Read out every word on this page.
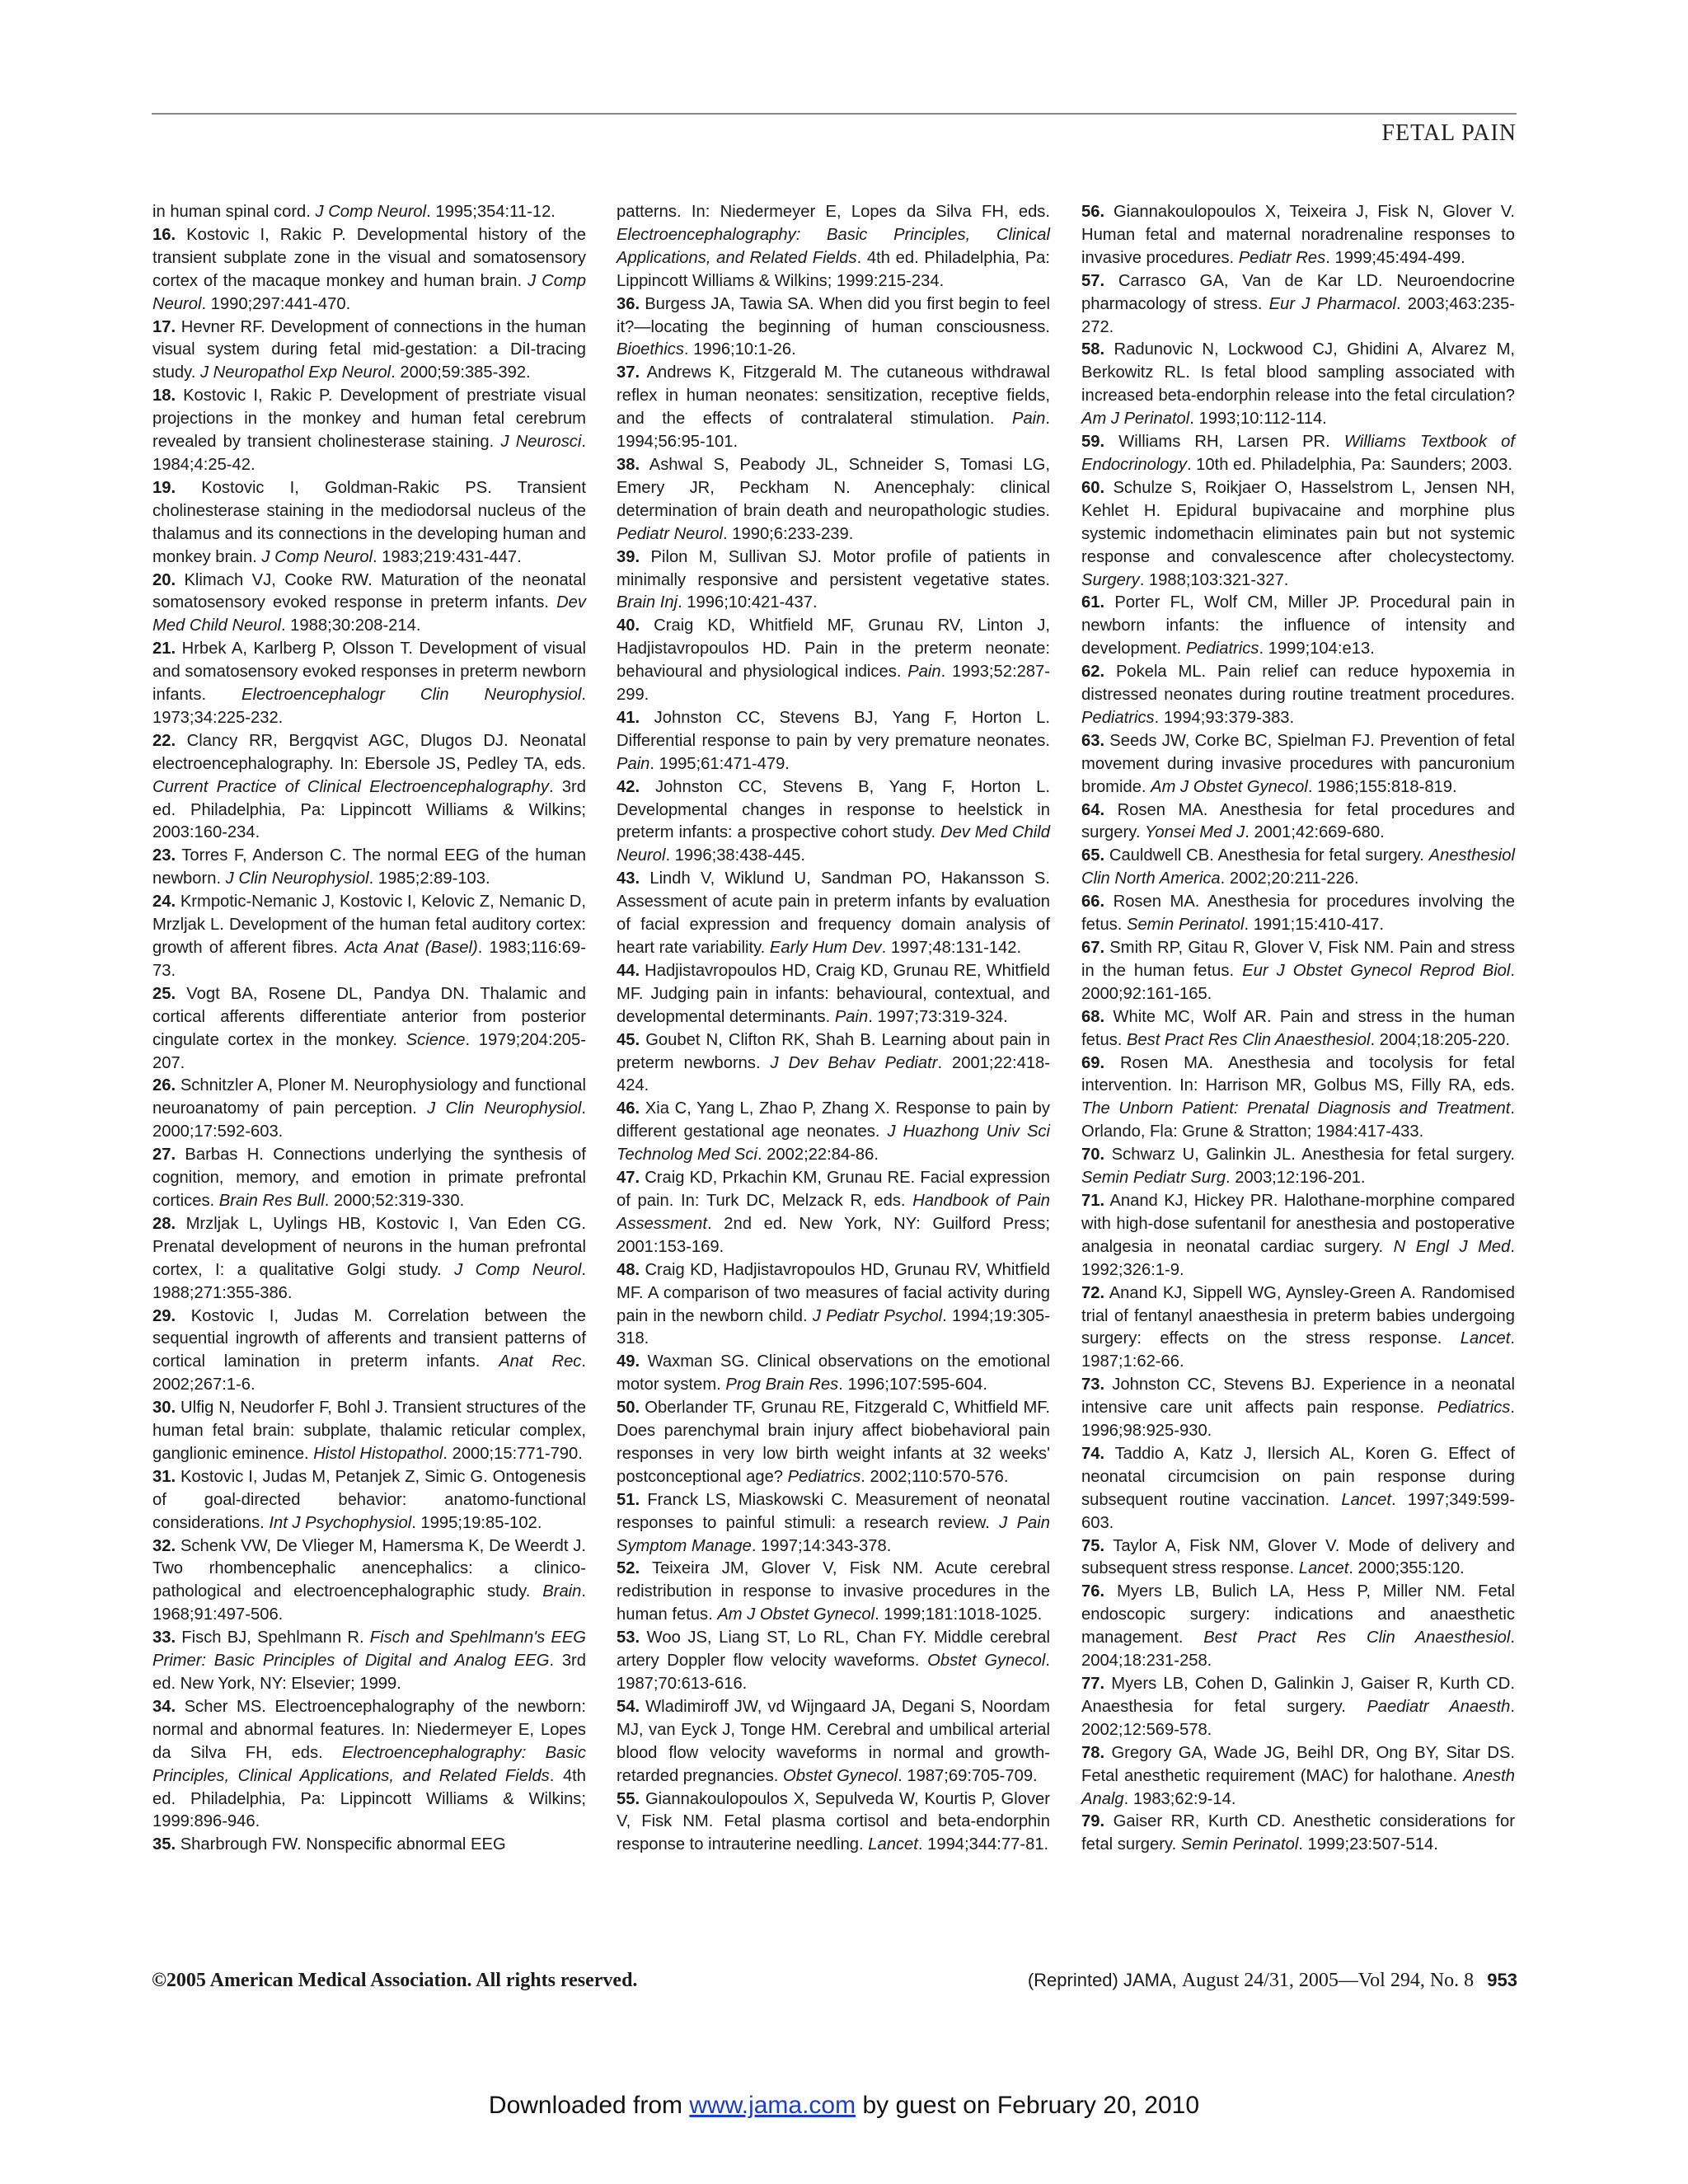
FETAL PAIN

in human spinal cord. J Comp Neurol. 1995;354:11-12.

16. Kostovic I, Rakic P. Developmental history of the transient subplate zone in the visual and somatosensory cortex of the macaque monkey and human brain. J Comp Neurol. 1990;297:441-470.

17. Hevner RF. Development of connections in the human visual system during fetal mid-gestation: a DiI-tracing study. J Neuropathol Exp Neurol. 2000;59:385-392.

18. Kostovic I, Rakic P. Development of prestriate visual projections in the monkey and human fetal cerebrum revealed by transient cholinesterase staining. J Neurosci. 1984;4:25-42.

19. Kostovic I, Goldman-Rakic PS. Transient cholinesterase staining in the mediodorsal nucleus of the thalamus and its connections in the developing human and monkey brain. J Comp Neurol. 1983;219:431-447.

20. Klimach VJ, Cooke RW. Maturation of the neonatal somatosensory evoked response in preterm infants. Dev Med Child Neurol. 1988;30:208-214.

21. Hrbek A, Karlberg P, Olsson T. Development of visual and somatosensory evoked responses in preterm newborn infants. Electroencephalogr Clin Neurophysiol. 1973;34:225-232.

22. Clancy RR, Bergqvist AGC, Dlugos DJ. Neonatal electroencephalography. In: Ebersole JS, Pedley TA, eds. Current Practice of Clinical Electroencephalography. 3rd ed. Philadelphia, Pa: Lippincott Williams & Wilkins; 2003:160-234.

23. Torres F, Anderson C. The normal EEG of the human newborn. J Clin Neurophysiol. 1985;2:89-103.

24. Krmpotic-Nemanic J, Kostovic I, Kelovic Z, Nemanic D, Mrzljak L. Development of the human fetal auditory cortex: growth of afferent fibres. Acta Anat (Basel). 1983;116:69-73.

25. Vogt BA, Rosene DL, Pandya DN. Thalamic and cortical afferents differentiate anterior from posterior cingulate cortex in the monkey. Science. 1979;204:205-207.

26. Schnitzler A, Ploner M. Neurophysiology and functional neuroanatomy of pain perception. J Clin Neurophysiol. 2000;17:592-603.

27. Barbas H. Connections underlying the synthesis of cognition, memory, and emotion in primate prefrontal cortices. Brain Res Bull. 2000;52:319-330.

28. Mrzljak L, Uylings HB, Kostovic I, Van Eden CG. Prenatal development of neurons in the human prefrontal cortex, I: a qualitative Golgi study. J Comp Neurol. 1988;271:355-386.

29. Kostovic I, Judas M. Correlation between the sequential ingrowth of afferents and transient patterns of cortical lamination in preterm infants. Anat Rec. 2002;267:1-6.

30. Ulfig N, Neudorfer F, Bohl J. Transient structures of the human fetal brain: subplate, thalamic reticular complex, ganglionic eminence. Histol Histopathol. 2000;15:771-790.

31. Kostovic I, Judas M, Petanjek Z, Simic G. Ontogenesis of goal-directed behavior: anatomo-functional considerations. Int J Psychophysiol. 1995;19:85-102.

32. Schenk VW, De Vlieger M, Hamersma K, De Weerdt J. Two rhombencephalic anencephalics: a clinico-pathological and electroencephalographic study. Brain. 1968;91:497-506.

33. Fisch BJ, Spehlmann R. Fisch and Spehlmann's EEG Primer: Basic Principles of Digital and Analog EEG. 3rd ed. New York, NY: Elsevier; 1999.

34. Scher MS. Electroencephalography of the newborn: normal and abnormal features. In: Niedermeyer E, Lopes da Silva FH, eds. Electroencephalography: Basic Principles, Clinical Applications, and Related Fields. 4th ed. Philadelphia, Pa: Lippincott Williams & Wilkins; 1999:896-946.

35. Sharbrough FW. Nonspecific abnormal EEG

patterns. In: Niedermeyer E, Lopes da Silva FH, eds. Electroencephalography: Basic Principles, Clinical Applications, and Related Fields. 4th ed. Philadelphia, Pa: Lippincott Williams & Wilkins; 1999:215-234.

36. Burgess JA, Tawia SA. When did you first begin to feel it?—locating the beginning of human consciousness. Bioethics. 1996;10:1-26.

37. Andrews K, Fitzgerald M. The cutaneous withdrawal reflex in human neonates: sensitization, receptive fields, and the effects of contralateral stimulation. Pain. 1994;56:95-101.

38. Ashwal S, Peabody JL, Schneider S, Tomasi LG, Emery JR, Peckham N. Anencephaly: clinical determination of brain death and neuropathologic studies. Pediatr Neurol. 1990;6:233-239.

39. Pilon M, Sullivan SJ. Motor profile of patients in minimally responsive and persistent vegetative states. Brain Inj. 1996;10:421-437.

40. Craig KD, Whitfield MF, Grunau RV, Linton J, Hadjistavropoulos HD. Pain in the preterm neonate: behavioural and physiological indices. Pain. 1993;52:287-299.

41. Johnston CC, Stevens BJ, Yang F, Horton L. Differential response to pain by very premature neonates. Pain. 1995;61:471-479.

42. Johnston CC, Stevens B, Yang F, Horton L. Developmental changes in response to heelstick in preterm infants: a prospective cohort study. Dev Med Child Neurol. 1996;38:438-445.

43. Lindh V, Wiklund U, Sandman PO, Hakansson S. Assessment of acute pain in preterm infants by evaluation of facial expression and frequency domain analysis of heart rate variability. Early Hum Dev. 1997;48:131-142.

44. Hadjistavropoulos HD, Craig KD, Grunau RE, Whitfield MF. Judging pain in infants: behavioural, contextual, and developmental determinants. Pain. 1997;73:319-324.

45. Goubet N, Clifton RK, Shah B. Learning about pain in preterm newborns. J Dev Behav Pediatr. 2001;22:418-424.

46. Xia C, Yang L, Zhao P, Zhang X. Response to pain by different gestational age neonates. J Huazhong Univ Sci Technolog Med Sci. 2002;22:84-86.

47. Craig KD, Prkachin KM, Grunau RE. Facial expression of pain. In: Turk DC, Melzack R, eds. Handbook of Pain Assessment. 2nd ed. New York, NY: Guilford Press; 2001:153-169.

48. Craig KD, Hadjistavropoulos HD, Grunau RV, Whitfield MF. A comparison of two measures of facial activity during pain in the newborn child. J Pediatr Psychol. 1994;19:305-318.

49. Waxman SG. Clinical observations on the emotional motor system. Prog Brain Res. 1996;107:595-604.

50. Oberlander TF, Grunau RE, Fitzgerald C, Whitfield MF. Does parenchymal brain injury affect biobehavioral pain responses in very low birth weight infants at 32 weeks' postconceptional age? Pediatrics. 2002;110:570-576.

51. Franck LS, Miaskowski C. Measurement of neonatal responses to painful stimuli: a research review. J Pain Symptom Manage. 1997;14:343-378.

52. Teixeira JM, Glover V, Fisk NM. Acute cerebral redistribution in response to invasive procedures in the human fetus. Am J Obstet Gynecol. 1999;181:1018-1025.

53. Woo JS, Liang ST, Lo RL, Chan FY. Middle cerebral artery Doppler flow velocity waveforms. Obstet Gynecol. 1987;70:613-616.

54. Wladimiroff JW, vd Wijngaard JA, Degani S, Noordam MJ, van Eyck J, Tonge HM. Cerebral and umbilical arterial blood flow velocity waveforms in normal and growth-retarded pregnancies. Obstet Gynecol. 1987;69:705-709.

55. Giannakoulopoulos X, Sepulveda W, Kourtis P, Glover V, Fisk NM. Fetal plasma cortisol and beta-endorphin response to intrauterine needling. Lancet. 1994;344:77-81.

56. Giannakoulopoulos X, Teixeira J, Fisk N, Glover V. Human fetal and maternal noradrenaline responses to invasive procedures. Pediatr Res. 1999;45:494-499.

57. Carrasco GA, Van de Kar LD. Neuroendocrine pharmacology of stress. Eur J Pharmacol. 2003;463:235-272.

58. Radunovic N, Lockwood CJ, Ghidini A, Alvarez M, Berkowitz RL. Is fetal blood sampling associated with increased beta-endorphin release into the fetal circulation? Am J Perinatol. 1993;10:112-114.

59. Williams RH, Larsen PR. Williams Textbook of Endocrinology. 10th ed. Philadelphia, Pa: Saunders; 2003.

60. Schulze S, Roikjaer O, Hasselstrom L, Jensen NH, Kehlet H. Epidural bupivacaine and morphine plus systemic indomethacin eliminates pain but not systemic response and convalescence after cholecystectomy. Surgery. 1988;103:321-327.

61. Porter FL, Wolf CM, Miller JP. Procedural pain in newborn infants: the influence of intensity and development. Pediatrics. 1999;104:e13.

62. Pokela ML. Pain relief can reduce hypoxemia in distressed neonates during routine treatment procedures. Pediatrics. 1994;93:379-383.

63. Seeds JW, Corke BC, Spielman FJ. Prevention of fetal movement during invasive procedures with pancuronium bromide. Am J Obstet Gynecol. 1986;155:818-819.

64. Rosen MA. Anesthesia for fetal procedures and surgery. Yonsei Med J. 2001;42:669-680.

65. Cauldwell CB. Anesthesia for fetal surgery. Anesthesiol Clin North America. 2002;20:211-226.

66. Rosen MA. Anesthesia for procedures involving the fetus. Semin Perinatol. 1991;15:410-417.

67. Smith RP, Gitau R, Glover V, Fisk NM. Pain and stress in the human fetus. Eur J Obstet Gynecol Reprod Biol. 2000;92:161-165.

68. White MC, Wolf AR. Pain and stress in the human fetus. Best Pract Res Clin Anaesthesiol. 2004;18:205-220.

69. Rosen MA. Anesthesia and tocolysis for fetal intervention. In: Harrison MR, Golbus MS, Filly RA, eds. The Unborn Patient: Prenatal Diagnosis and Treatment. Orlando, Fla: Grune & Stratton; 1984:417-433.

70. Schwarz U, Galinkin JL. Anesthesia for fetal surgery. Semin Pediatr Surg. 2003;12:196-201.

71. Anand KJ, Hickey PR. Halothane-morphine compared with high-dose sufentanil for anesthesia and postoperative analgesia in neonatal cardiac surgery. N Engl J Med. 1992;326:1-9.

72. Anand KJ, Sippell WG, Aynsley-Green A. Randomised trial of fentanyl anaesthesia in preterm babies undergoing surgery: effects on the stress response. Lancet. 1987;1:62-66.

73. Johnston CC, Stevens BJ. Experience in a neonatal intensive care unit affects pain response. Pediatrics. 1996;98:925-930.

74. Taddio A, Katz J, Ilersich AL, Koren G. Effect of neonatal circumcision on pain response during subsequent routine vaccination. Lancet. 1997;349:599-603.

75. Taylor A, Fisk NM, Glover V. Mode of delivery and subsequent stress response. Lancet. 2000;355:120.

76. Myers LB, Bulich LA, Hess P, Miller NM. Fetal endoscopic surgery: indications and anaesthetic management. Best Pract Res Clin Anaesthesiol. 2004;18:231-258.

77. Myers LB, Cohen D, Galinkin J, Gaiser R, Kurth CD. Anaesthesia for fetal surgery. Paediatr Anaesth. 2002;12:569-578.

78. Gregory GA, Wade JG, Beihl DR, Ong BY, Sitar DS. Fetal anesthetic requirement (MAC) for halothane. Anesth Analg. 1983;62:9-14.

79. Gaiser RR, Kurth CD. Anesthetic considerations for fetal surgery. Semin Perinatol. 1999;23:507-514.

©2005 American Medical Association. All rights reserved.	(Reprinted) JAMA, August 24/31, 2005—Vol 294, No. 8 953
Downloaded from www.jama.com by guest on February 20, 2010
